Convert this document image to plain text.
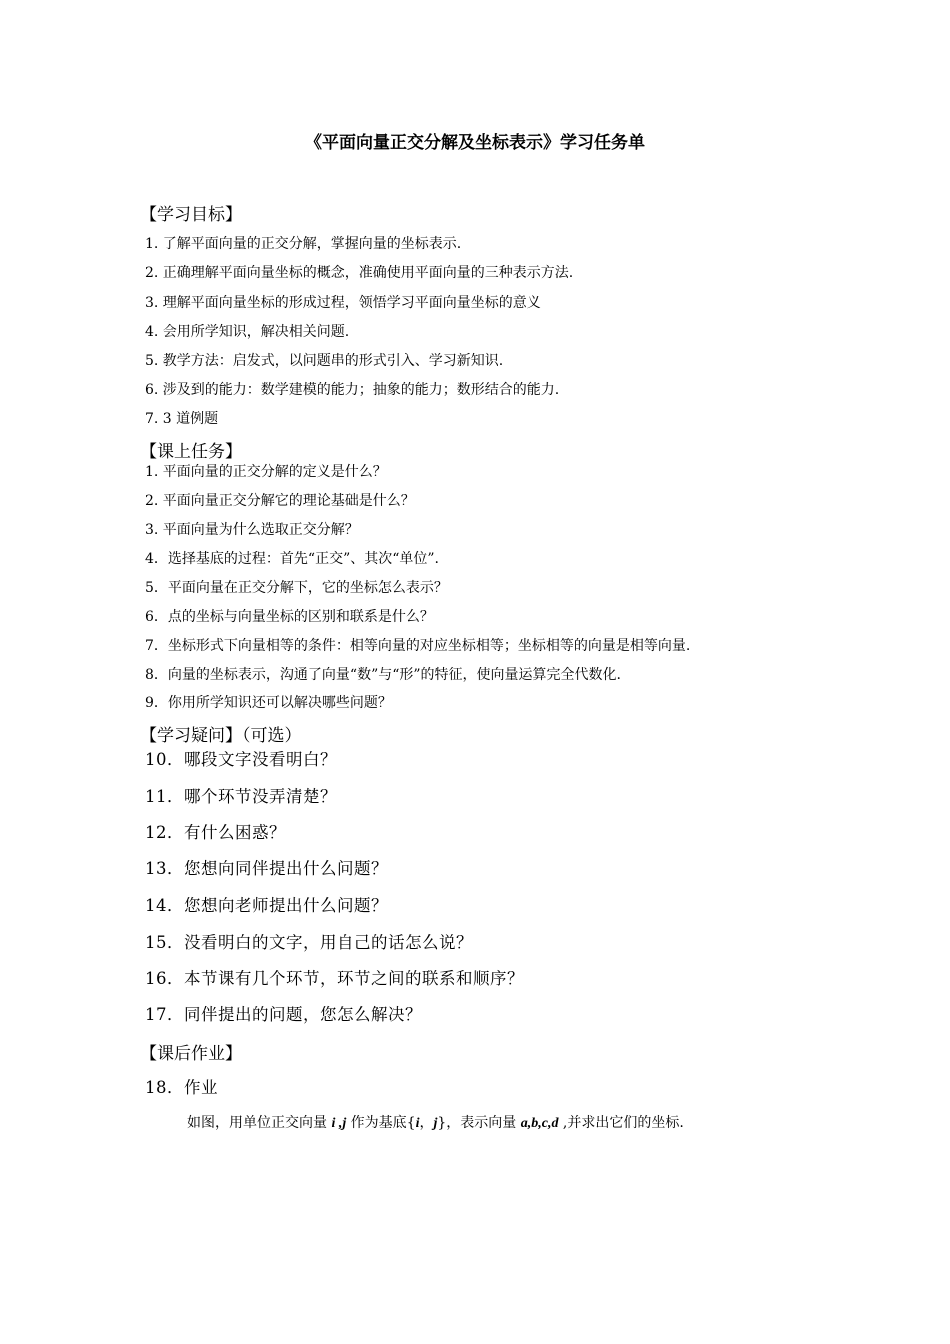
《平面向量正交分解及坐标表示》学习任务单
【学习目标】
1. 了解平面向量的正交分解，掌握向量的坐标表示.
2. 正确理解平面向量坐标的概念，准确使用平面向量的三种表示方法.
3. 理解平面向量坐标的形成过程，领悟学习平面向量坐标的意义
4. 会用所学知识，解决相关问题.
5. 教学方法：启发式，以问题串的形式引入、学习新知识.
6. 涉及到的能力：数学建模的能力；抽象的能力；数形结合的能力.
7. 3 道例题
【课上任务】
1. 平面向量的正交分解的定义是什么？
2. 平面向量正交分解它的理论基础是什么？
3. 平面向量为什么选取正交分解？
4．选择基底的过程：首先“正交”、其次“单位”.
5．平面向量在正交分解下，它的坐标怎么表示？
6．点的坐标与向量坐标的区别和联系是什么？
7．坐标形式下向量相等的条件：相等向量的对应坐标相等；坐标相等的向量是相等向量.
8．向量的坐标表示，沟通了向量“数”与“形”的特征，使向量运算完全代数化.
9．你用所学知识还可以解决哪些问题？
【学习疑问】（可选）
10．哪段文字没看明白？
11．哪个环节没弄清楚？
12．有什么困惑？
13．您想向同伴提出什么问题？
14．您想向老师提出什么问题？
15．没看明白的文字，用自己的话怎么说？
16．本节课有几个环节，环节之间的联系和顺序？
17．同伴提出的问题，您怎么解决？
【课后作业】
18．作业
如图，用单位正交向量 i ,j 作为基底{i，j}，表示向量 a,b,c,d ,并求出它们的坐标.
